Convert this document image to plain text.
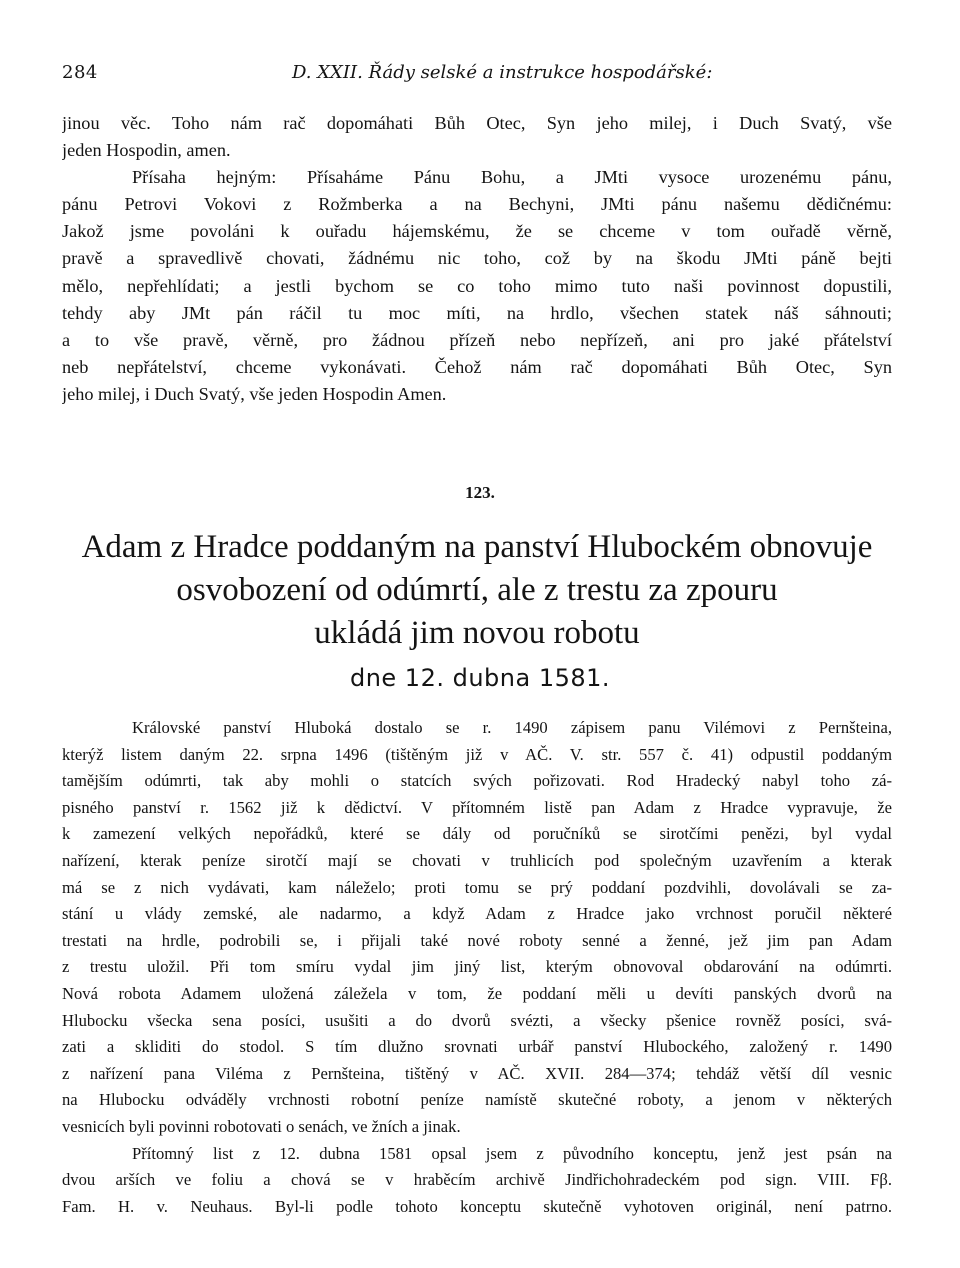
284	D. XXII. Řády selské a instrukce hospodářské:
jinou věc. Toho nám rač dopomáhati Bůh Otec, Syn jeho milej, i Duch Svatý, vše
jeden Hospodin, amen.
Přísaha hejným: Přísaháme Pánu Bohu, a JMti vysoce urozenému pánu,
pánu Petrovi Vokovi z Rožmberka a na Bechyni, JMti pánu našemu dědičnému:
Jakož jsme povoláni k ouřadu hájemskému, že se chceme v tom ouřadě věrně,
pravě a spravedlivě chovati, žádnému nic toho, což by na škodu JMti páně bejti
mělo, nepřehlídati; a jestli bychom se co toho mimo tuto naši povinnost dopustili,
tehdy aby JMt pán ráčil tu moc míti, na hrdlo, všechen statek náš sáhnouti;
a to vše pravě, věrně, pro žádnou přízeň nebo nepřízeň, ani pro jaké přátelství
neb nepřátelství, chceme vykonávati. Čehož nám rač dopomáhati Bůh Otec, Syn
jeho milej, i Duch Svatý, vše jeden Hospodin Amen.
123.
Adam z Hradce poddaným na panství Hlubockém obnovuje
osvobození od odúmrtí, ale z trestu za zpouru
ukládá jim novou robotu
dne 12. dubna 1581.
Královské panství Hluboká dostalo se r. 1490 zápisem panu Vilémovi z Pernšteina,
kterýž listem daným 22. srpna 1496 (tištěným již v AČ. V. str. 557 č. 41) odpustil poddaným
tamějším odúmrti, tak aby mohli o statcích svých pořizovati. Rod Hradecký nabyl toho zá-
pisného panství r. 1562 již k dědictví. V přítomném listě pan Adam z Hradce vypravuje, že
k zamezení velkých nepořádků, které se dály od poručníků se sirotčími penězi, byl vydal
nařízení, kterak peníze sirotčí mají se chovati v truhlicích pod společným uzavřením a kterak
má se z nich vydávati, kam náleželo; proti tomu se prý poddaní pozdvihli, dovolávali se za-
stání u vlády zemské, ale nadarmo, a když Adam z Hradce jako vrchnost poručil některé
trestati na hrdle, podrobili se, i přijali také nové roboty senné a ženné, jež jim pan Adam
z trestu uložil. Při tom smíru vydal jim jiný list, kterým obnovoval obdarování na odúmrti.
Nová robota Adamem uložená záležela v tom, že poddaní měli u devíti panských dvorů na
Hlubocku všecka sena posíci, usušiti a do dvorů svézti, a všecky pšenice rovněž posíci, svá-
zati a skliditi do stodol. S tím dlužno srovnati urbář panství Hlubockého, založený r. 1490
z nařízení pana Viléma z Pernšteina, tištěný v AČ. XVII. 284—374; tehdáž větší díl vesnic
na Hlubocku odváděly vrchnosti robotní peníze namístě skutečné roboty, a jenom v některých
vesnicích byli povinni robotovati o senách, ve žních a jinak.
Přítomný list z 12. dubna 1581 opsal jsem z původního konceptu, jenž jest psán na
dvou arších ve foliu a chová se v hraběcím archivě Jindřichohradeckém pod sign. VIII. Fβ.
Fam. H. v. Neuhaus. Byl-li podle tohoto konceptu skutečně vyhotoven originál, není patrno.
